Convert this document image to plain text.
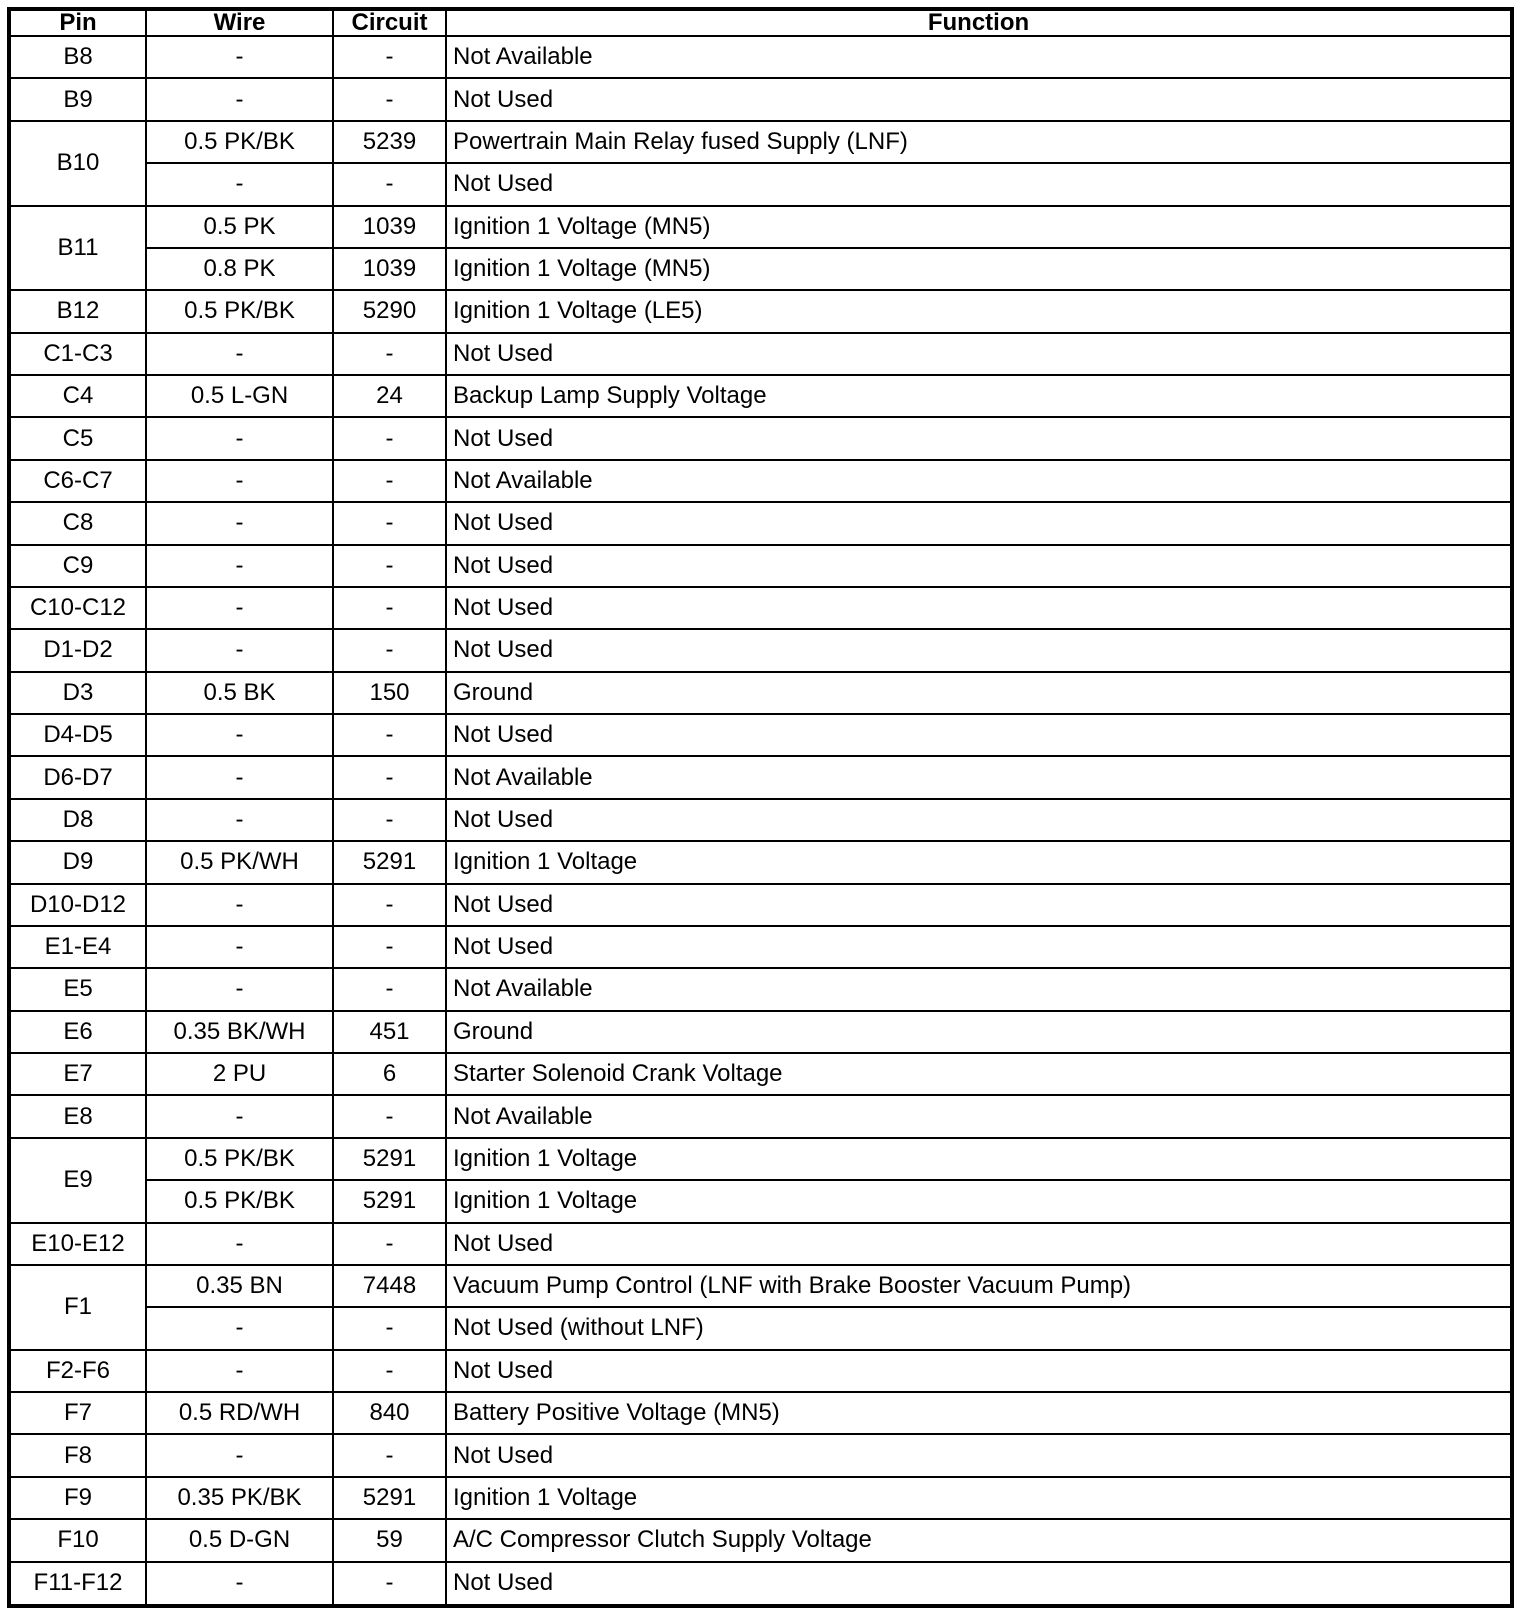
Pin	Wire	Circuit	Function
B8	-	-	Not Available
B9	-	-	Not Used
B10	0.5 PK/BK	5239	Powertrain Main Relay fused Supply (LNF)
	-	-	Not Used
B11	0.5 PK	1039	Ignition 1 Voltage (MN5)
	0.8 PK	1039	Ignition 1 Voltage (MN5)
B12	0.5 PK/BK	5290	Ignition 1 Voltage (LE5)
C1-C3	-	-	Not Used
C4	0.5 L-GN	24	Backup Lamp Supply Voltage
C5	-	-	Not Used
C6-C7	-	-	Not Available
C8	-	-	Not Used
C9	-	-	Not Used
C10-C12	-	-	Not Used
D1-D2	-	-	Not Used
D3	0.5 BK	150	Ground
D4-D5	-	-	Not Used
D6-D7	-	-	Not Available
D8	-	-	Not Used
D9	0.5 PK/WH	5291	Ignition 1 Voltage
D10-D12	-	-	Not Used
E1-E4	-	-	Not Used
E5	-	-	Not Available
E6	0.35 BK/WH	451	Ground
E7	2 PU	6	Starter Solenoid Crank Voltage
E8	-	-	Not Available
E9	0.5 PK/BK	5291	Ignition 1 Voltage
	0.5 PK/BK	5291	Ignition 1 Voltage
E10-E12	-	-	Not Used
F1	0.35 BN	7448	Vacuum Pump Control (LNF with Brake Booster Vacuum Pump)
	-	-	Not Used (without LNF)
F2-F6	-	-	Not Used
F7	0.5 RD/WH	840	Battery Positive Voltage (MN5)
F8	-	-	Not Used
F9	0.35 PK/BK	5291	Ignition 1 Voltage
F10	0.5 D-GN	59	A/C Compressor Clutch Supply Voltage
F11-F12	-	-	Not Used
